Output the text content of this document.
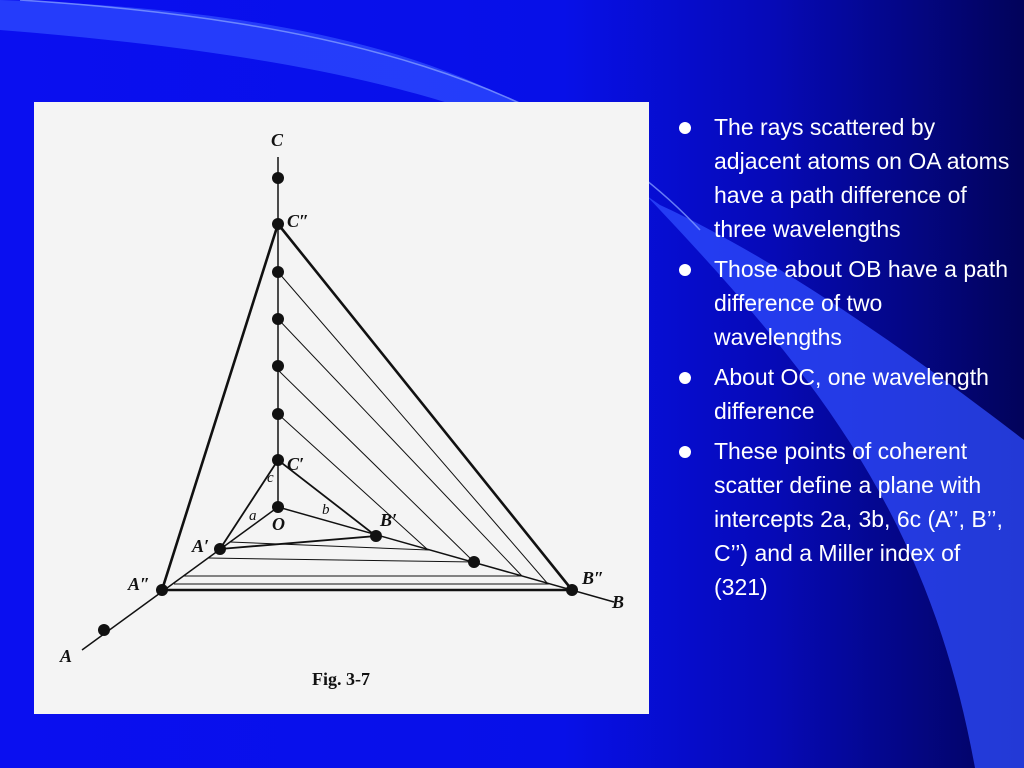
C
C″
C′
B
B″
B′
A
A″
A′
O
a	b
c
Fig. 3-7
The rays scattered by adjacent atoms on OA atoms have a path difference of three wavelengths
Those about OB have a path difference of two wavelengths
About OC, one wavelength difference
These points of coherent scatter define a plane with intercepts 2a, 3b, 6c (A’’, B’’, C’’) and a Miller index of (321)
